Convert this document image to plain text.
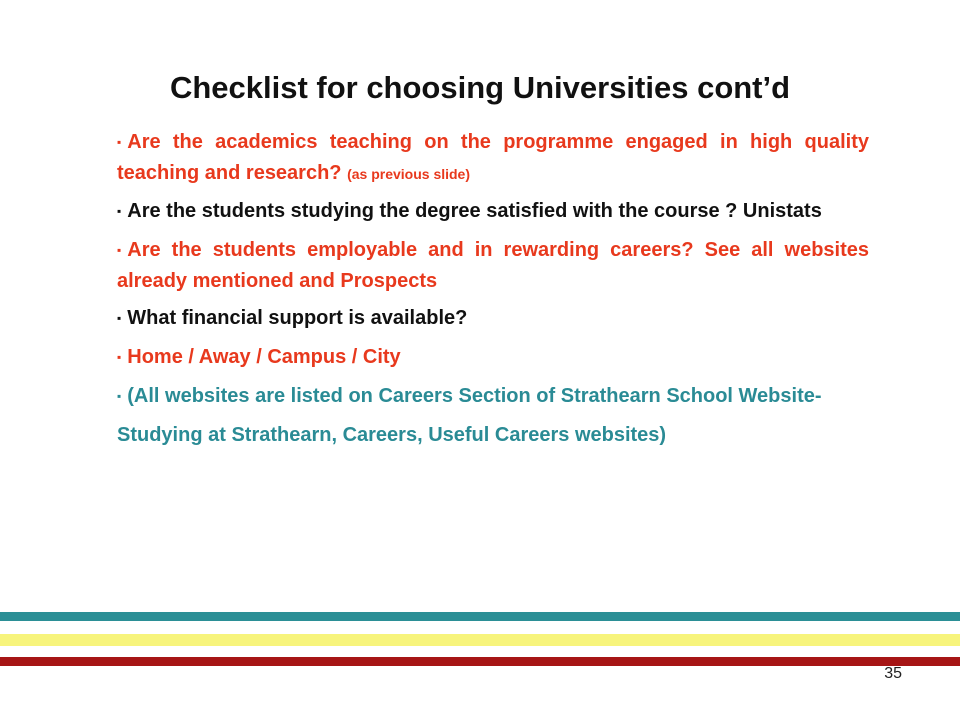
Checklist for choosing Universities cont’d
▪ Are the academics teaching on the programme engaged in high quality teaching and research? (as previous slide)
▪ Are the students studying the degree satisfied with the course ? Unistats
▪ Are the students employable and in rewarding careers? See all websites already mentioned and Prospects
▪ What financial support is available?
▪ Home / Away / Campus / City
▪ (All websites are listed on Careers Section of Strathearn School Website-
Studying at Strathearn, Careers, Useful Careers websites)
35
